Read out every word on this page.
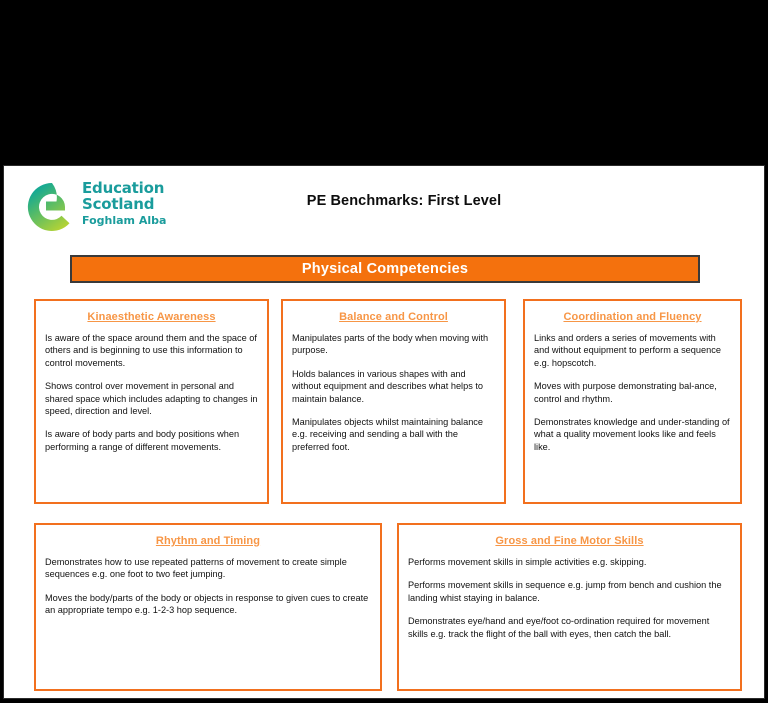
Education
Scotland
Foghlam Alba
PE Benchmarks: First Level
Physical Competencies
Kinaesthetic Awareness

Is aware of the space around them and the space of others and is beginning to use this information to control movements.

Shows control over movement in personal and shared space which includes adapting to changes in speed, direction and level.

Is aware of body parts and body positions when performing a range of different movements.

Balance and Control

Manipulates parts of the body when moving with purpose.

Holds balances in various shapes with and without equipment and describes what helps to maintain balance.

Manipulates objects whilst maintaining balance e.g. receiving and sending a ball with the preferred foot.

Coordination and Fluency

Links and orders a series of movements with and without equipment to perform a sequence e.g. hopscotch.

Moves with purpose demonstrating bal-ance, control and rhythm.

Demonstrates knowledge and under-standing of what a quality movement looks like and feels like.

Rhythm and Timing

Demonstrates how to use repeated patterns of movement to create simple sequences e.g. one foot to two feet jumping.

Moves the body/parts of the body or objects in response to given cues to create an appropriate tempo e.g. 1-2-3 hop sequence.

Gross and Fine Motor Skills

Performs movement skills in simple activities e.g. skipping.

Performs movement skills in sequence e.g. jump from bench and cushion the landing whist staying in balance.

Demonstrates eye/hand and eye/foot co-ordination required for movement skills e.g. track the flight of the ball with eyes, then catch the ball.
